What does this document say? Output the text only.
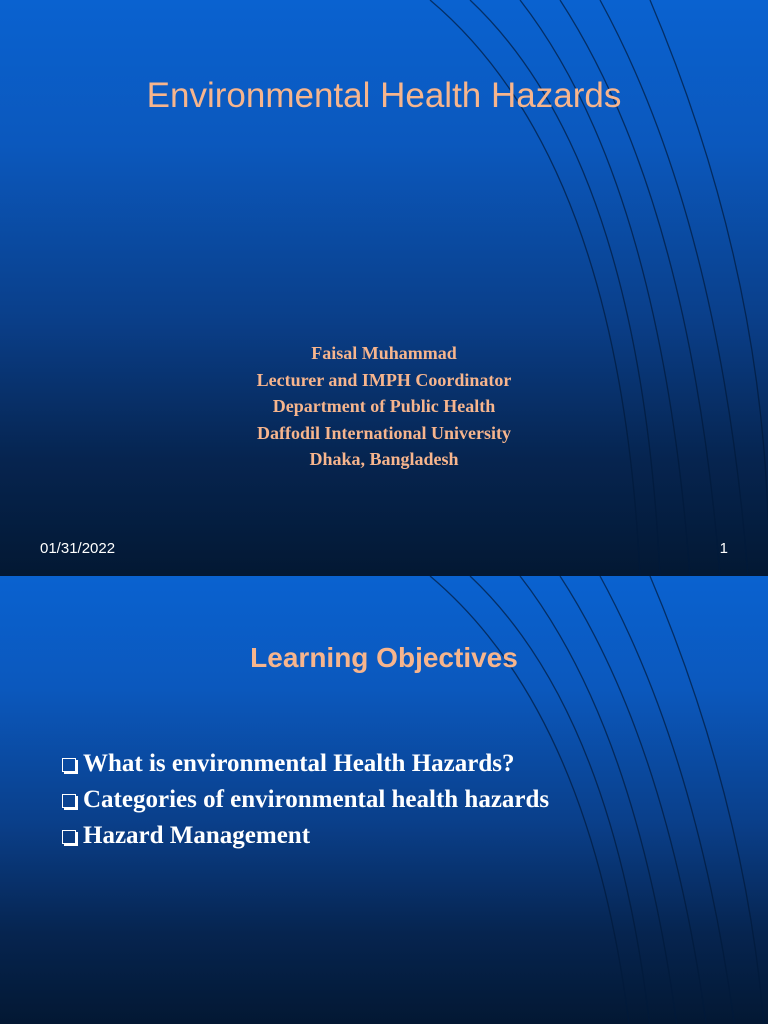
Environmental Health Hazards
Faisal Muhammad
Lecturer and IMPH Coordinator
Department of Public Health
Daffodil International University
Dhaka, Bangladesh
01/31/2022	1
Learning Objectives
What is environmental Health Hazards?
Categories of environmental health hazards
Hazard Management
